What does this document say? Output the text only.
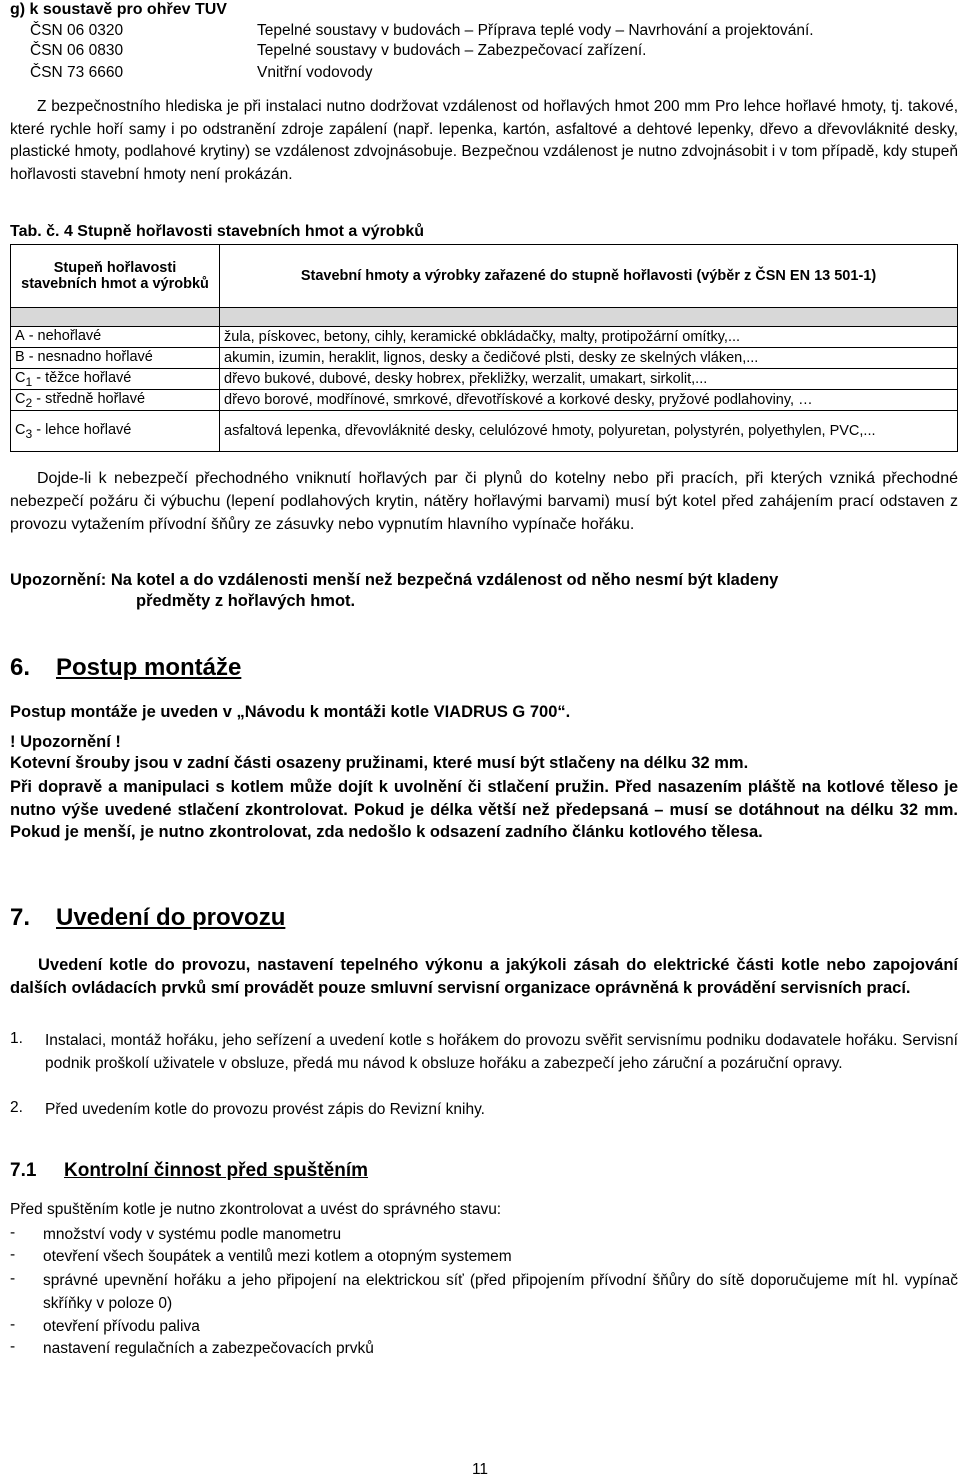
g) k soustavě pro ohřev TUV
ČSN 06 0320	Tepelné soustavy v budovách – Příprava teplé vody – Navrhování a projektování.
ČSN 06 0830	Tepelné soustavy v budovách – Zabezpečovací zařízení.
ČSN 73 6660	Vnitřní vodovody

Z bezpečnostního hlediska je při instalaci nutno dodržovat vzdálenost od hořlavých hmot 200 mm Pro lehce hořlavé hmoty, tj. takové, které rychle hoří samy i po odstranění zdroje zapálení (např. lepenka, kartón, asfaltové a dehtové lepenky, dřevo a dřevovláknité desky, plastické hmoty, podlahové krytiny) se vzdálenost zdvojnásobuje. Bezpečnou vzdálenost je nutno zdvojnásobit i v tom případě, kdy stupeň hořlavosti stavební hmoty není prokázán.

Tab. č. 4 Stupně hořlavosti stavebních hmot a výrobků
Stupeň hořlavosti stavebních hmot a výrobků	Stavební hmoty a výrobky zařazené do stupně hořlavosti (výběr z ČSN EN 13 501-1)

A - nehořlavé	žula, pískovec, betony, cihly, keramické obkládačky, malty, protipožární omítky,...
B - nesnadno hořlavé	akumin, izumin, heraklit, lignos, desky a čedičové plsti, desky ze skelných vláken,...
$C_1$ - těžce hořlavé	dřevo bukové, dubové, desky hobrex, překližky, werzalit, umakart, sirkolit,...
$C_2$ - středně hořlavé	dřevo borové, modřínové, smrkové, dřevotřískové a korkové desky, pryžové podlahoviny, …
$C_3$ - lehce hořlavé	asfaltová lepenka, dřevovláknité desky, celulózové hmoty, polyuretan, polystyrén, polyethylen, PVC,...

Dojde-li k nebezpečí přechodného vniknutí hořlavých par či plynů do kotelny nebo při pracích, při kterých vzniká přechodné nebezpečí požáru či výbuchu (lepení podlahových krytin, nátěry hořlavými barvami) musí být kotel před zahájením prací odstaven z provozu vytažením přívodní šňůry ze zásuvky nebo vypnutím hlavního vypínače hořáku.

Upozornění: Na kotel a do vzdálenosti menší než bezpečná vzdálenost od něho nesmí být kladeny
předměty z hořlavých hmot.
6. Postup montáže
Postup montáže je uveden v „Návodu k montáži kotle VIADRUS G 700“.
! Upozornění !
Kotevní šrouby jsou v zadní části osazeny pružinami, které musí být stlačeny na délku 32 mm.

Při dopravě a manipulaci s kotlem může dojít k uvolnění či stlačení pružin. Před nasazením pláště na kotlové těleso je nutno výše uvedené stlačení zkontrolovat. Pokud je délka větší než předepsaná – musí se dotáhnout na délku 32 mm. Pokud je menší, je nutno zkontrolovat, zda nedošlo k odsazení zadního článku kotlového tělesa.

7. Uvedení do provozu

Uvedení kotle do provozu, nastavení tepelného výkonu a jakýkoli zásah do elektrické části kotle nebo zapojování dalších ovládacích prvků smí provádět pouze smluvní servisní organizace oprávněná k provádění servisních prací.

1. Instalaci, montáž hořáku, jeho seřízení a uvedení kotle s hořákem do provozu svěřit servisnímu podniku dodavatele hořáku. Servisní podnik proškolí uživatele v obsluze, předá mu návod k obsluze hořáku a zabezpečí jeho záruční a pozáruční opravy.
2. Před uvedením kotle do provozu provést zápis do Revizní knihy.
7.1 Kontrolní činnost před spuštěním
Před spuštěním kotle je nutno zkontrolovat a uvést do správného stavu:
- množství vody v systému podle manometru
- otevření všech šoupátek a ventilů mezi kotlem a otopným systemem
- správné upevnění hořáku a jeho připojení na elektrickou síť (před připojením přívodní šňůry do sítě doporučujeme mít hl. vypínač skříňky v poloze 0)
- otevření přívodu paliva
- nastavení regulačních a zabezpečovacích prvků
11
